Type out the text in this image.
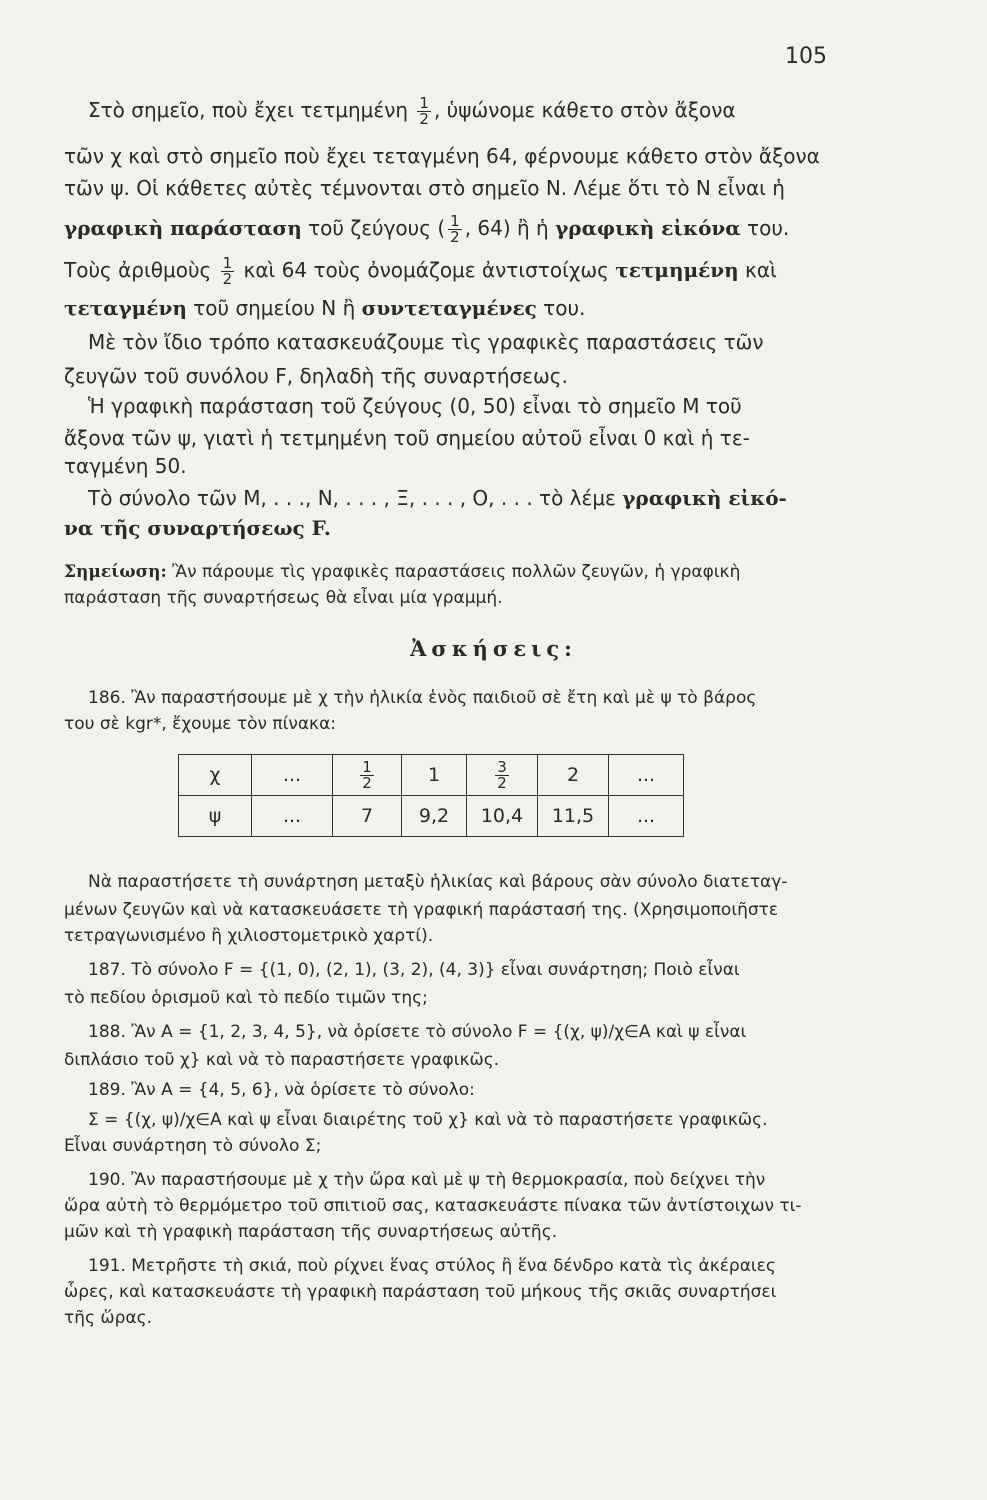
105
Στὸ σημεῖο, ποὺ ἔχει τετμημένη $\frac{1}{2}$ , ὑψώνομε κάθετο στὸν ἄξονα
τῶν χ καὶ στὸ σημεῖο ποὺ ἔχει τεταγμένη 64, φέρνουμε κάθετο στὸν ἄξονα
τῶν ψ. Οἱ κάθετες αὐτὲς τέμνονται στὸ σημεῖο Ν. Λέμε ὅτι τὸ Ν εἶναι ἡ
γραφικὴ παράσταση τοῦ ζεύγους ( $\frac{1}{2}$ , 64) ἢ ἡ γραφικὴ εἰκόνα του.
Τοὺς ἀριθμοὺς $\frac{1}{2}$ καὶ 64 τοὺς ὀνομάζομε ἀντιστοίχως τετμημένη καὶ
τεταγμένη τοῦ σημείου Ν ἢ συντεταγμένες του.
Μὲ τὸν ἴδιο τρόπο κατασκευάζουμε τὶς γραφικὲς παραστάσεις τῶν
ζευγῶν τοῦ συνόλου F, δηλαδὴ τῆς συναρτήσεως.
Ἡ γραφικὴ παράσταση τοῦ ζεύγους (0, 50) εἶναι τὸ σημεῖο Μ τοῦ
ἄξονα τῶν ψ, γιατὶ ἡ τετμημένη τοῦ σημείου αὐτοῦ εἶναι 0 καὶ ἡ τε-
ταγμένη 50.
Τὸ σύνολο τῶν Μ, . . ., Ν, . . . , Ξ, . . . , Ο, . . . τὸ λέμε γραφικὴ εἰκό-
να τῆς συναρτήσεως F.
Σημείωση: Ἂν πάρουμε τὶς γραφικὲς παραστάσεις πολλῶν ζευγῶν, ἡ γραφικὴ
παράσταση τῆς συναρτήσεως θὰ εἶναι μία γραμμή.
Ἀσκήσεις:
186. Ἂν παραστήσουμε μὲ χ τὴν ἡλικία ἑνὸς παιδιοῦ σὲ ἔτη καὶ μὲ ψ τὸ βάρος
του σὲ kgr*, ἔχουμε τὸν πίνακα:
χ	...	$\frac{1}{2}$	1	$\frac{3}{2}$	2	...
ψ	...	7	9,2	10,4	11,5	...
Νὰ παραστήσετε τὴ συνάρτηση μεταξὺ ἡλικίας καὶ βάρους σὰν σύνολο διατεταγ-
μένων ζευγῶν καὶ νὰ κατασκευάσετε τὴ γραφική παράστασή της. (Χρησιμοποιῆστε
τετραγωνισμένο ἢ χιλιοστομετρικὸ χαρτί).
187. Τὸ σύνολο F = {(1, 0), (2, 1), (3, 2), (4, 3)} εἶναι συνάρτηση; Ποιὸ εἶναι
τὸ πεδίου ὁρισμοῦ καὶ τὸ πεδίο τιμῶν της;
188. Ἂν Α = {1, 2, 3, 4, 5}, νὰ ὁρίσετε τὸ σύνολο F = {(χ, ψ)/χ∈Α καὶ ψ εἶναι
διπλάσιο τοῦ χ} καὶ νὰ τὸ παραστήσετε γραφικῶς.
189. Ἂν Α = {4, 5, 6}, νὰ ὁρίσετε τὸ σύνολο:
Σ = {(χ, ψ)/χ∈Α καὶ ψ εἶναι διαιρέτης τοῦ χ} καὶ νὰ τὸ παραστήσετε γραφικῶς.
Εἶναι συνάρτηση τὸ σύνολο Σ;
190. Ἂν παραστήσουμε μὲ χ τὴν ὥρα καὶ μὲ ψ τὴ θερμοκρασία, ποὺ δείχνει τὴν
ὥρα αὐτὴ τὸ θερμόμετρο τοῦ σπιτιοῦ σας, κατασκευάστε πίνακα τῶν ἀντίστοιχων τι-
μῶν καὶ τὴ γραφικὴ παράσταση τῆς συναρτήσεως αὐτῆς.
191. Μετρῆστε τὴ σκιά, ποὺ ρίχνει ἕνας στύλος ἢ ἕνα δένδρο κατὰ τὶς ἀκέραιες
ὧρες, καὶ κατασκευάστε τὴ γραφικὴ παράσταση τοῦ μήκους τῆς σκιᾶς συναρτήσει
τῆς ὥρας.
